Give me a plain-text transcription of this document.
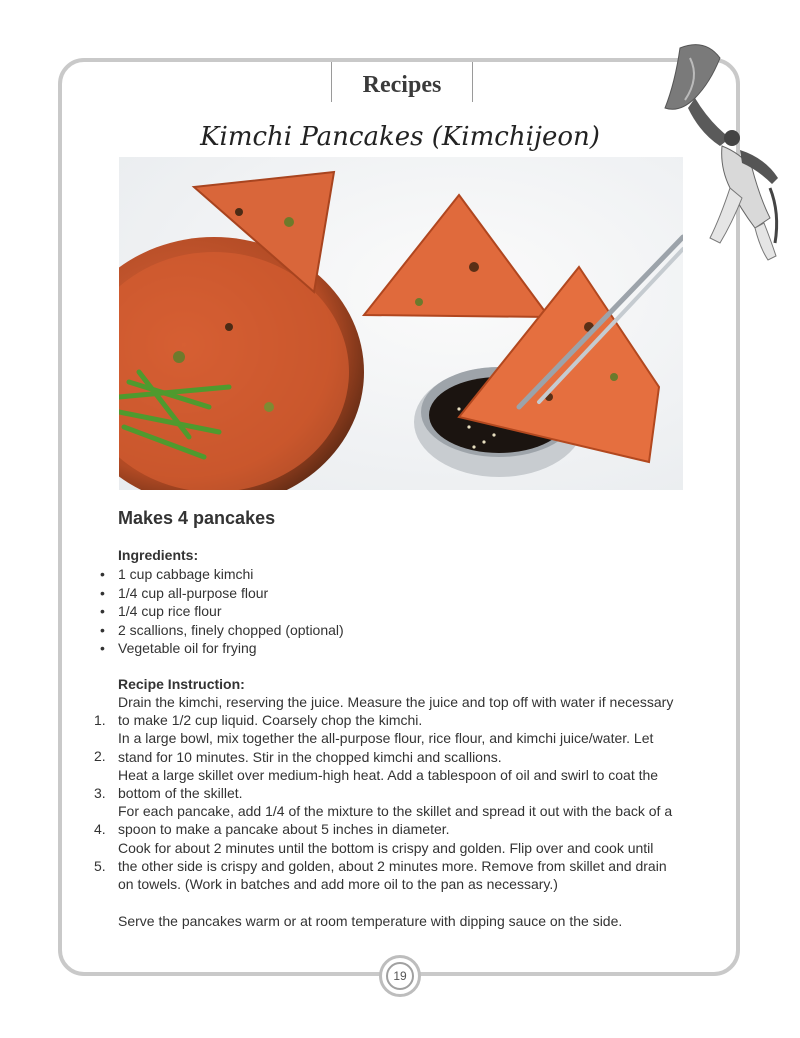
Recipes
Kimchi Pancakes (Kimchijeon)
Makes 4 pancakes
Ingredients:
• 1 cup cabbage kimchi
• 1/4 cup all-purpose flour
• 1/4 cup rice flour
• 2 scallions, finely chopped (optional)
• Vegetable oil for frying
Recipe Instruction:
1.
Drain the kimchi, reserving the juice. Measure the juice and top off with water if necessary
to make 1/2 cup liquid. Coarsely chop the kimchi.
2.
In a large bowl, mix together the all-purpose flour, rice flour, and kimchi juice/water. Let
stand for 10 minutes. Stir in the chopped kimchi and scallions.
3.
Heat a large skillet over medium-high heat. Add a tablespoon of oil and swirl to coat the
bottom of the skillet.
4.
For each pancake, add 1/4 of the mixture to the skillet and spread it out with the back of a
spoon to make a pancake about 5 inches in diameter.
5.
Cook for about 2 minutes until the bottom is crispy and golden. Flip over and cook until
the other side is crispy and golden, about 2 minutes more. Remove from skillet and drain
on towels. (Work in batches and add more oil to the pan as necessary.)
Serve the pancakes warm or at room temperature with dipping sauce on the side.
19
